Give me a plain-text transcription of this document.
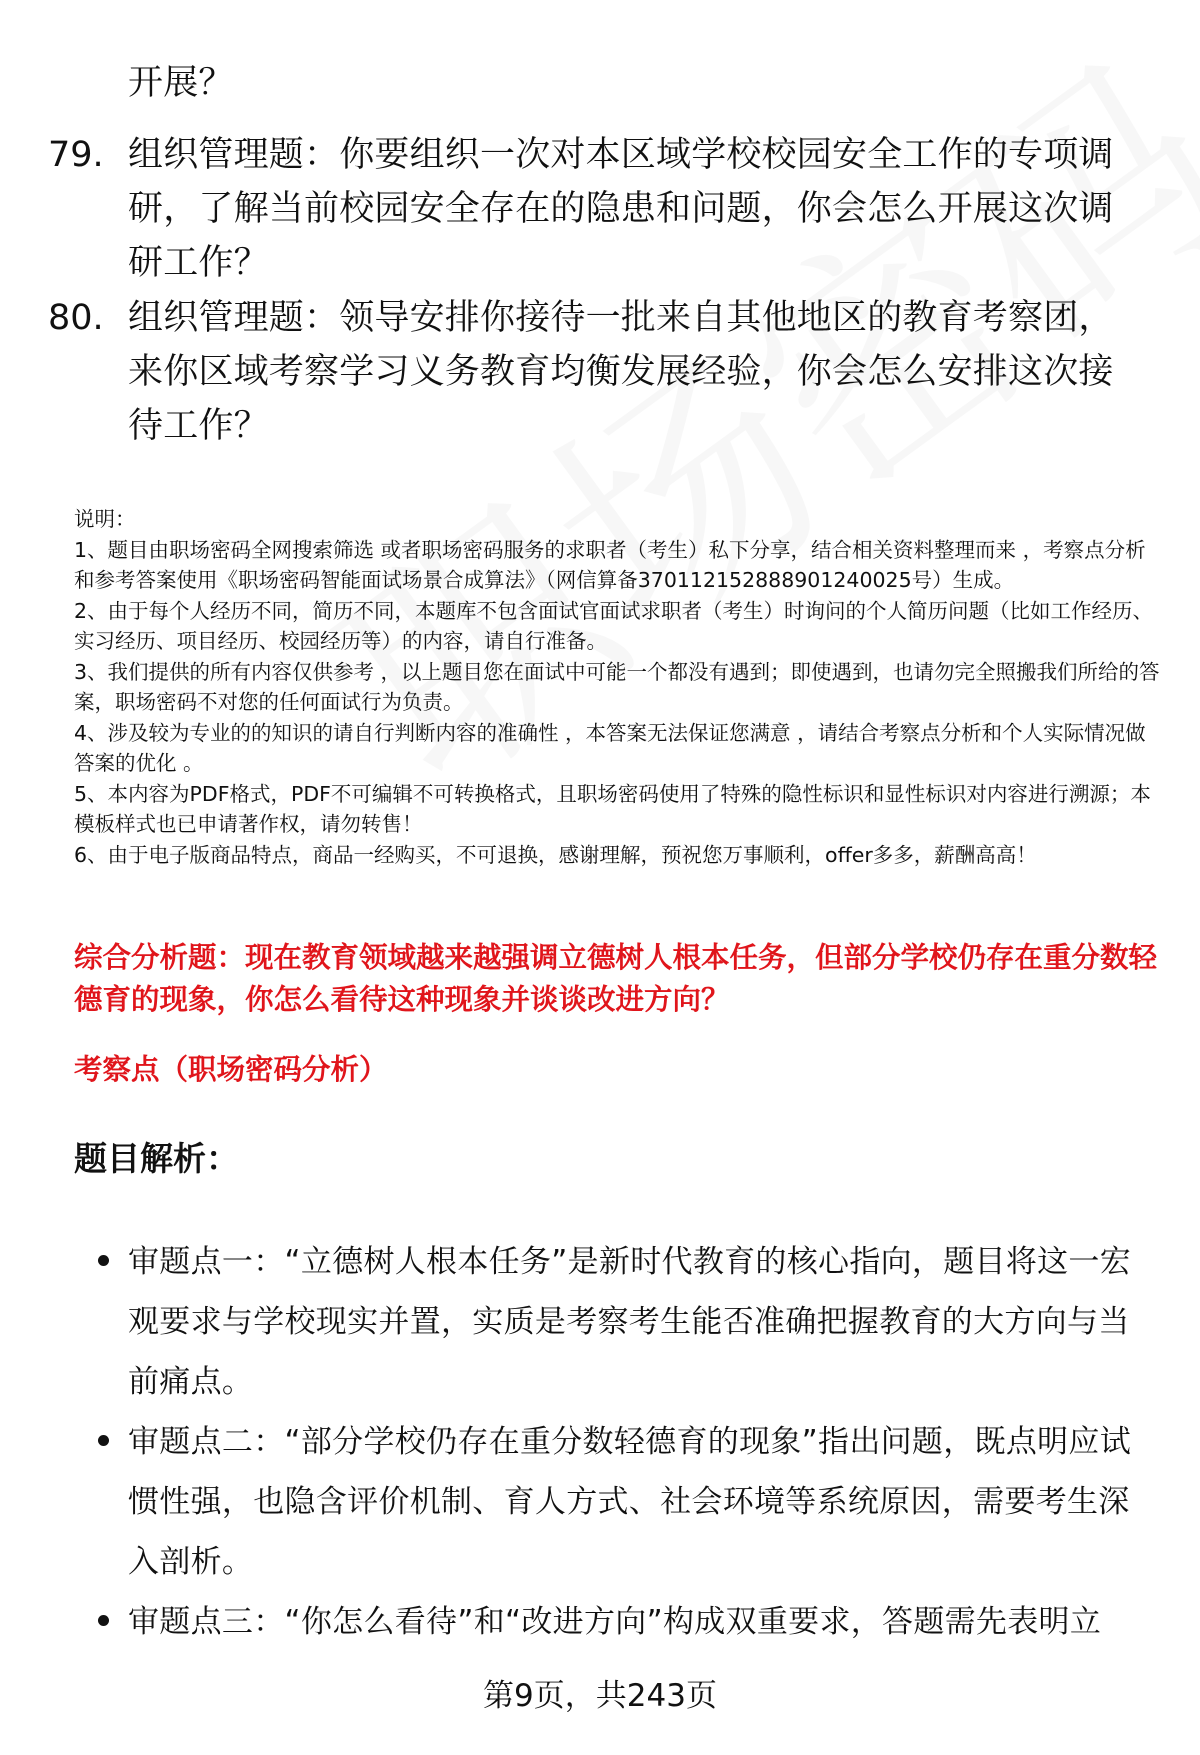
开展？
79. 组织管理题：你要组织一次对本区域学校校园安全工作的专项调研，了解当前校园安全存在的隐患和问题，你会怎么开展这次调研工作？
80. 组织管理题：领导安排你接待一批来自其他地区的教育考察团，来你区域考察学习义务教育均衡发展经验，你会怎么安排这次接待工作？

说明：

1、题目由职场密码全网搜索筛选 或者职场密码服务的求职者（考生）私下分享，结合相关资料整理而来 ，考察点分析和参考答案使用《职场密码智能面试场景合成算法》（网信算备370112152888901240025号）生成。

2、由于每个人经历不同，简历不同，本题库不包含面试官面试求职者（考生）时询问的个人简历问题（比如工作经历、实习经历、项目经历、校园经历等）的内容，请自行准备。

3、我们提供的所有内容仅供参考 ，以上题目您在面试中可能一个都没有遇到；即使遇到，也请勿完全照搬我们所给的答案，职场密码不对您的任何面试行为负责。

4、涉及较为专业的的知识的请自行判断内容的准确性 ，本答案无法保证您满意 ，请结合考察点分析和个人实际情况做答案的优化 。

5、本内容为PDF格式，PDF不可编辑不可转换格式，且职场密码使用了特殊的隐性标识和显性标识对内容进行溯源；本模板样式也已申请著作权，请勿转售！

6、由于电子版商品特点，商品一经购买，不可退换，感谢理解，预祝您万事顺利，offer多多，薪酬高高！

综合分析题：现在教育领域越来越强调立德树人根本任务，但部分学校仍存在重分数轻德育的现象，你怎么看待这种现象并谈谈改进方向？
考察点（职场密码分析）
题目解析：
审题点一：“立德树人根本任务”是新时代教育的核心指向，题目将这一宏观要求与学校现实并置，实质是考察考生能否准确把握教育的大方向与当前痛点。
审题点二：“部分学校仍存在重分数轻德育的现象”指出问题，既点明应试惯性强，也隐含评价机制、育人方式、社会环境等系统原因，需要考生深入剖析。
审题点三：“你怎么看待”和“改进方向”构成双重要求，答题需先表明立
第9页，共243页
